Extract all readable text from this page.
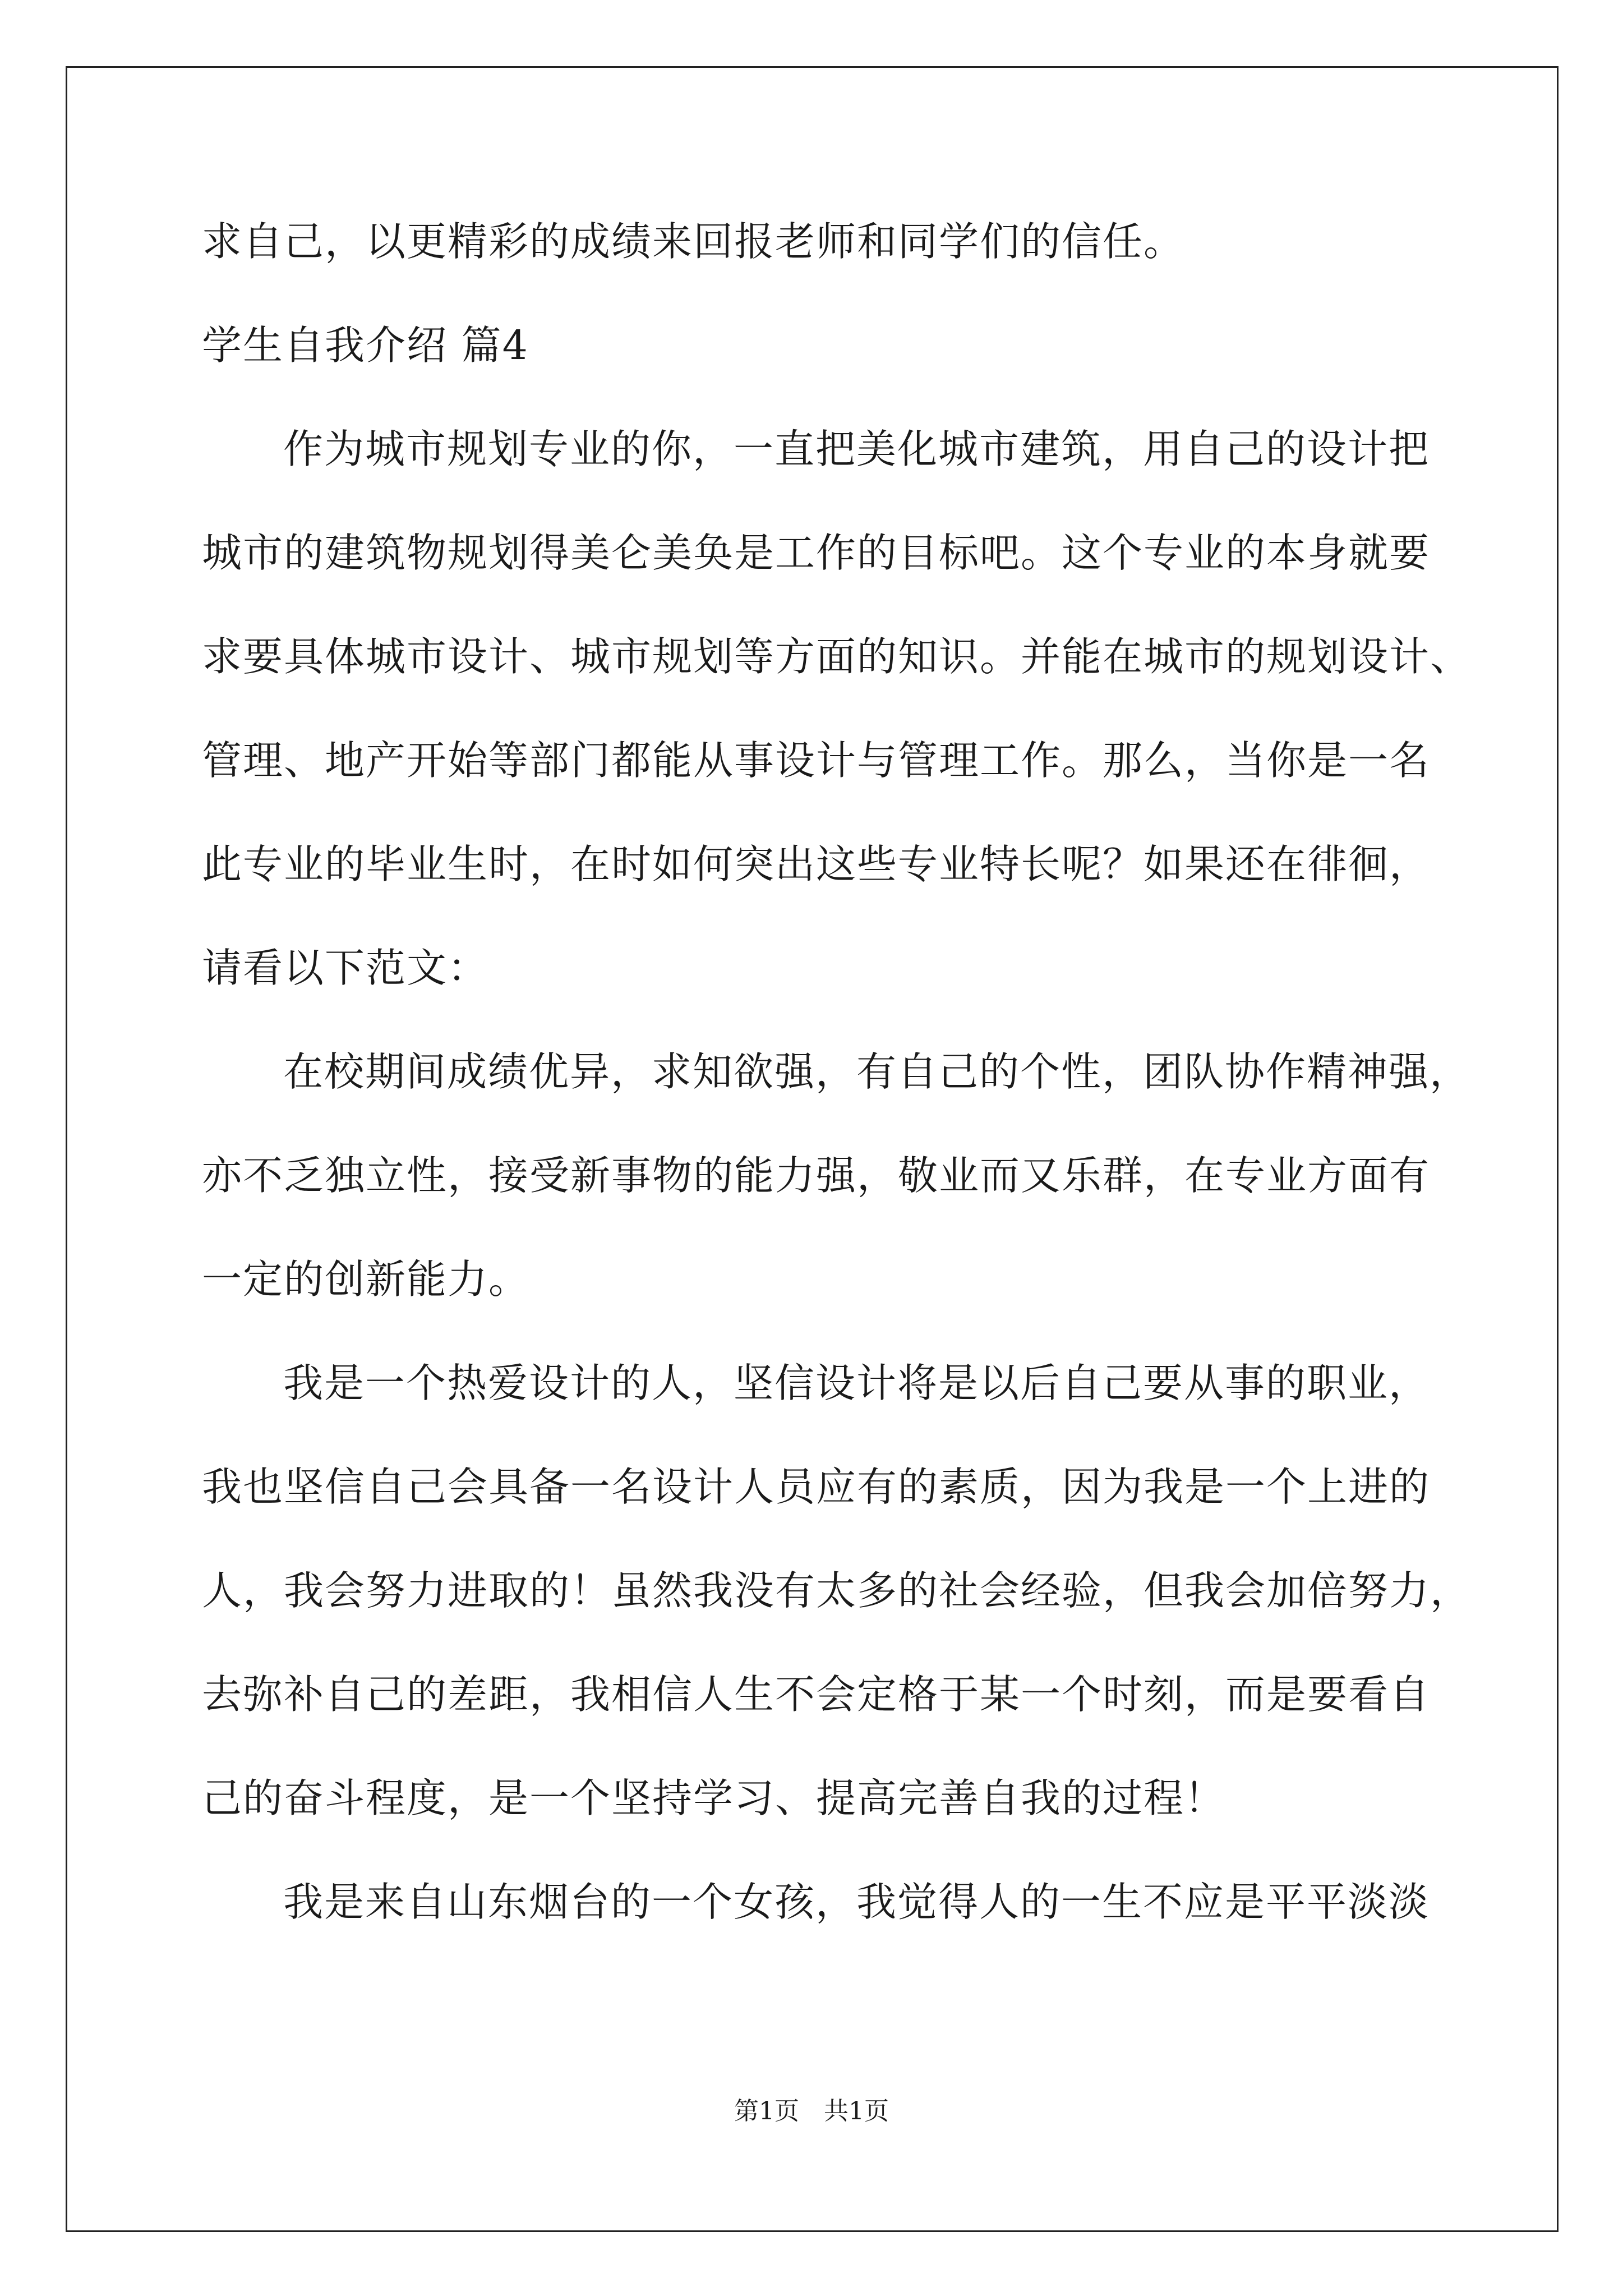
求自己，以更精彩的成绩来回报老师和同学们的信任。
学生自我介绍 篇4
作为城市规划专业的你，一直把美化城市建筑，用自己的设计把
城市的建筑物规划得美仑美奂是工作的目标吧。这个专业的本身就要
求要具体城市设计、城市规划等方面的知识。并能在城市的规划设计、
管理、地产开始等部门都能从事设计与管理工作。那么，当你是一名
此专业的毕业生时，在时如何突出这些专业特长呢？如果还在徘徊，
请看以下范文：
在校期间成绩优异，求知欲强，有自己的个性，团队协作精神强，
亦不乏独立性，接受新事物的能力强，敬业而又乐群，在专业方面有
一定的创新能力。
我是一个热爱设计的人，坚信设计将是以后自己要从事的职业，
我也坚信自己会具备一名设计人员应有的素质，因为我是一个上进的
人，我会努力进取的！虽然我没有太多的社会经验，但我会加倍努力，
去弥补自己的差距，我相信人生不会定格于某一个时刻，而是要看自
己的奋斗程度，是一个坚持学习、提高完善自我的过程！
我是来自山东烟台的一个女孩，我觉得人的一生不应是平平淡淡
第1页　共1页
